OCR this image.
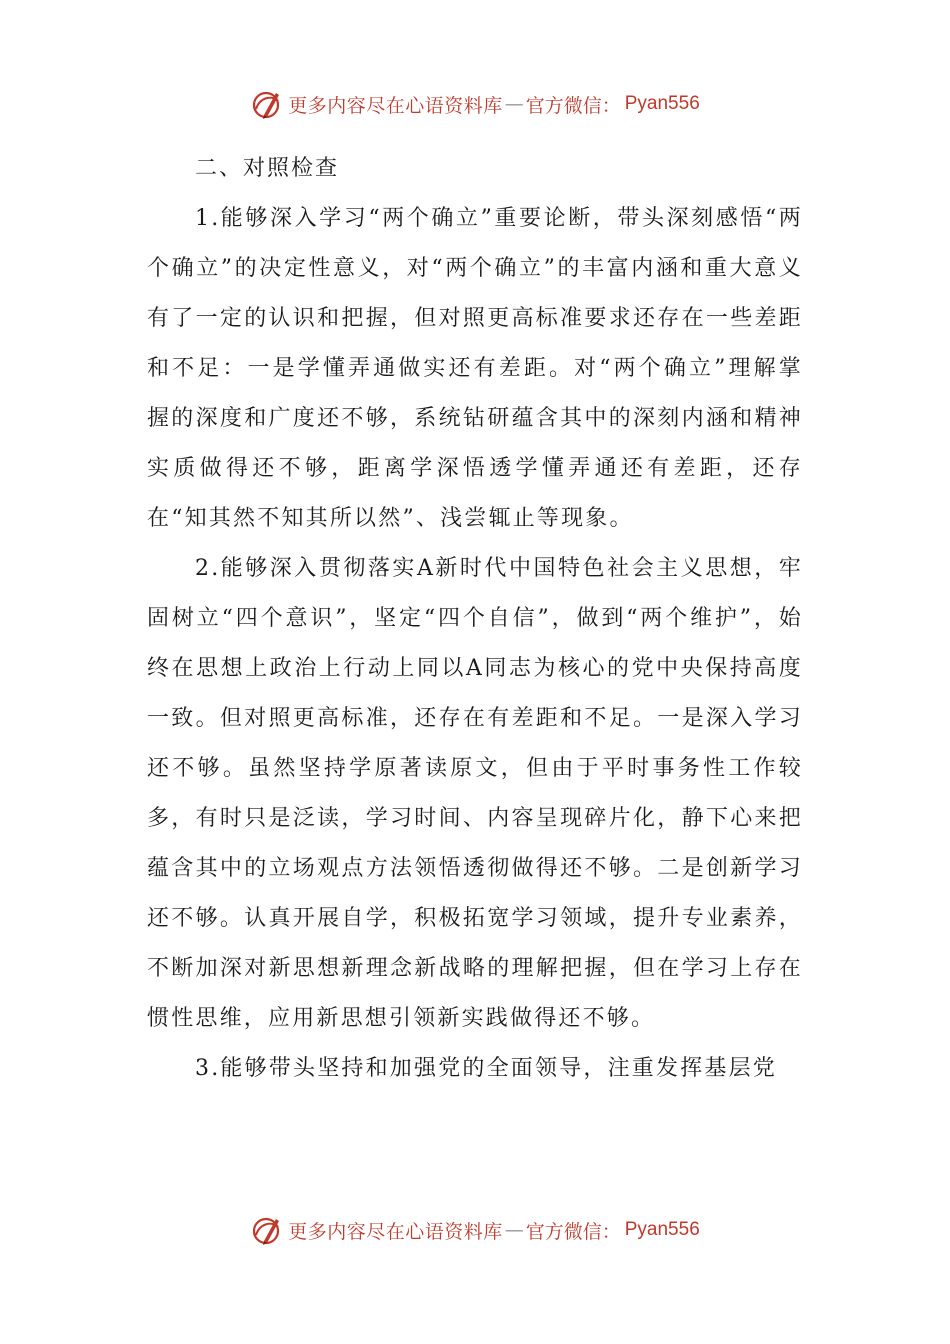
更多内容尽在心语资料库 — 官方微信： Pyan556

二、对照检查

1.能够深入学习“两个确立”重要论断，带头深刻感悟“两个确立”的决定性意义，对“两个确立”的丰富内涵和重大意义有了一定的认识和把握，但对照更高标准要求还存在一些差距和不足：一是学懂弄通做实还有差距。对“两个确立”理解掌握的深度和广度还不够，系统钻研蕴含其中的深刻内涵和精神实质做得还不够，距离学深悟透学懂弄通还有差距，还存在“知其然不知其所以然”、浅尝辄止等现象。

2.能够深入贯彻落实A新时代中国特色社会主义思想，牢固树立“四个意识”，坚定“四个自信”，做到“两个维护”，始终在思想上政治上行动上同以A同志为核心的党中央保持高度一致。但对照更高标准，还存在有差距和不足。一是深入学习还不够。虽然坚持学原著读原文，但由于平时事务性工作较多，有时只是泛读，学习时间、内容呈现碎片化，静下心来把蕴含其中的立场观点方法领悟透彻做得还不够。二是创新学习还不够。认真开展自学，积极拓宽学习领域，提升专业素养，不断加深对新思想新理念新战略的理解把握，但在学习上存在惯性思维，应用新思想引领新实践做得还不够。

3.能够带头坚持和加强党的全面领导，注重发挥基层党

更多内容尽在心语资料库 — 官方微信： Pyan556
